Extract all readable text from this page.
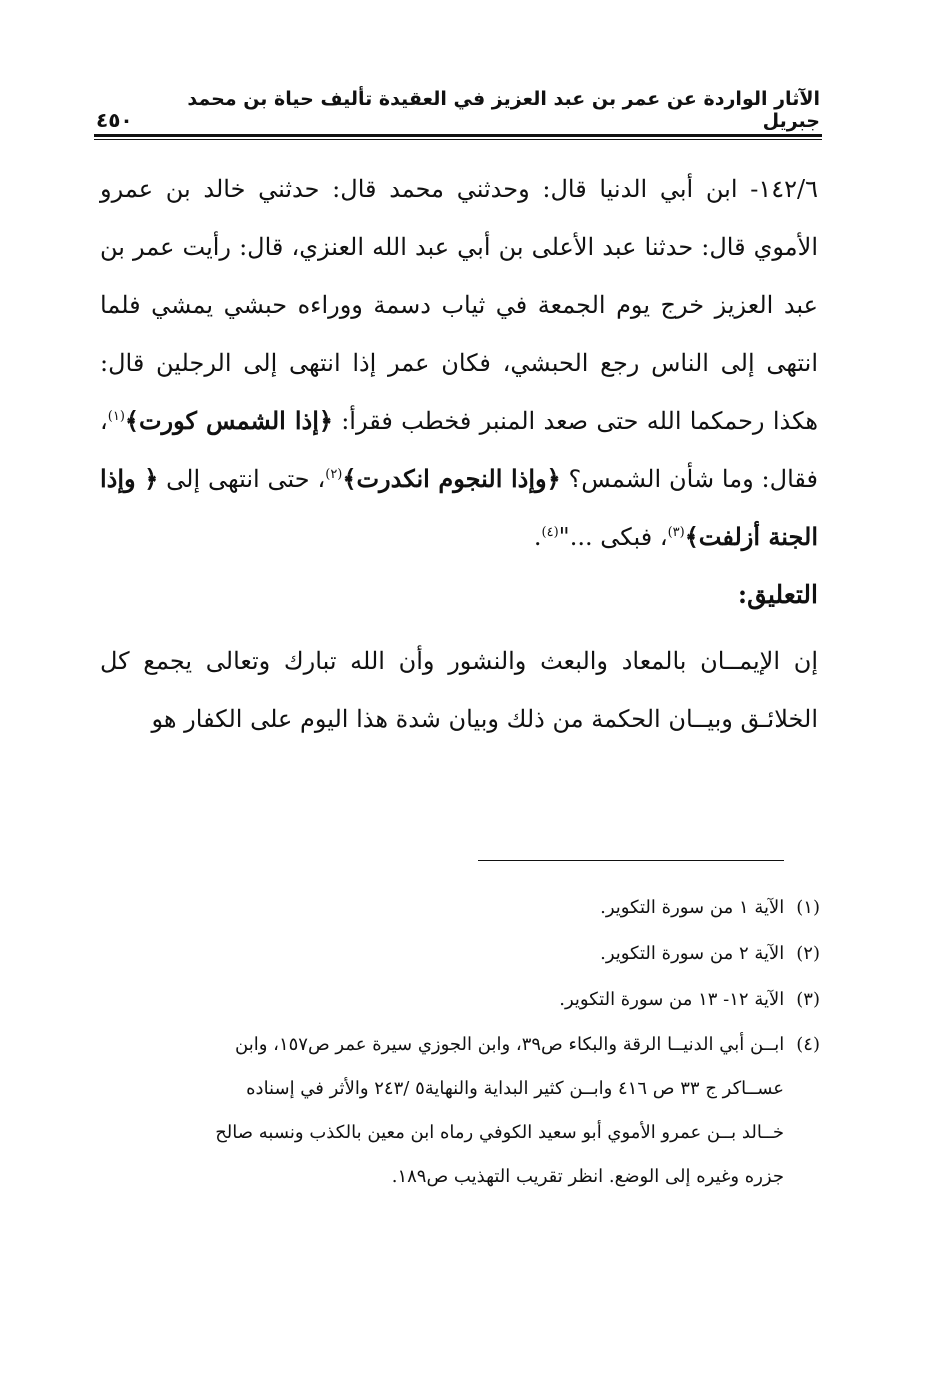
الآثار الواردة عن عمر بن عبد العزيز في العقيدة تأليف حياة بن محمد جبريل
٤٥٠

١٤٢/٦- ابن أبي الدنيا قال: وحدثني محمد قال: حدثني خالد بن عمرو الأموي قال: حدثنا عبد الأعلى بن أبي عبد الله العنزي، قال: رأيت عمر بن عبد العزيز خرج يوم الجمعة في ثياب دسمة ووراءه حبشي يمشي فلما انتهى إلى الناس رجع الحبشي، فكان عمر إذا انتهى إلى الرجلين قال: هكذا رحمكما الله حتى صعد المنبر فخطب فقرأ: ﴿إذا الشمس كورت﴾$^{(١)}$، فقال: وما شأن الشمس؟ ﴿وإذا النجوم انكدرت﴾$^{(٢)}$، حتى انتهى إلى ﴿ وإذا الجنة أزلفت﴾$^{(٣)}$، فبكى ..."$^{(٤)}$.

التعليق:

إن الإيمــان بالمعاد والبعث والنشور وأن الله تبارك وتعالى يجمع كل الخلائـق وبيــان الحكمة من ذلك وبيان شدة هذا اليوم على الكفار هو

(١)الآية ١ من سورة التكوير.

(٢)الآية ٢ من سورة التكوير.

(٣)الآية ١٢- ١٣ من سورة التكوير.

(٤)ابــن أبي الدنيــا الرقة والبكاء ص٣٩، وابن الجوزي سيرة عمر ص١٥٧، وابن
عســاكر ج ٣٣ ص ٤١٦ وابــن كثير البداية والنهاية٥ /٢٤٣ والأثر في إسناده
خــالد بــن عمرو الأموي أبو سعيد الكوفي رماه ابن معين بالكذب ونسبه صالح
جزره وغيره إلى الوضع. انظر تقريب التهذيب ص١٨٩.
